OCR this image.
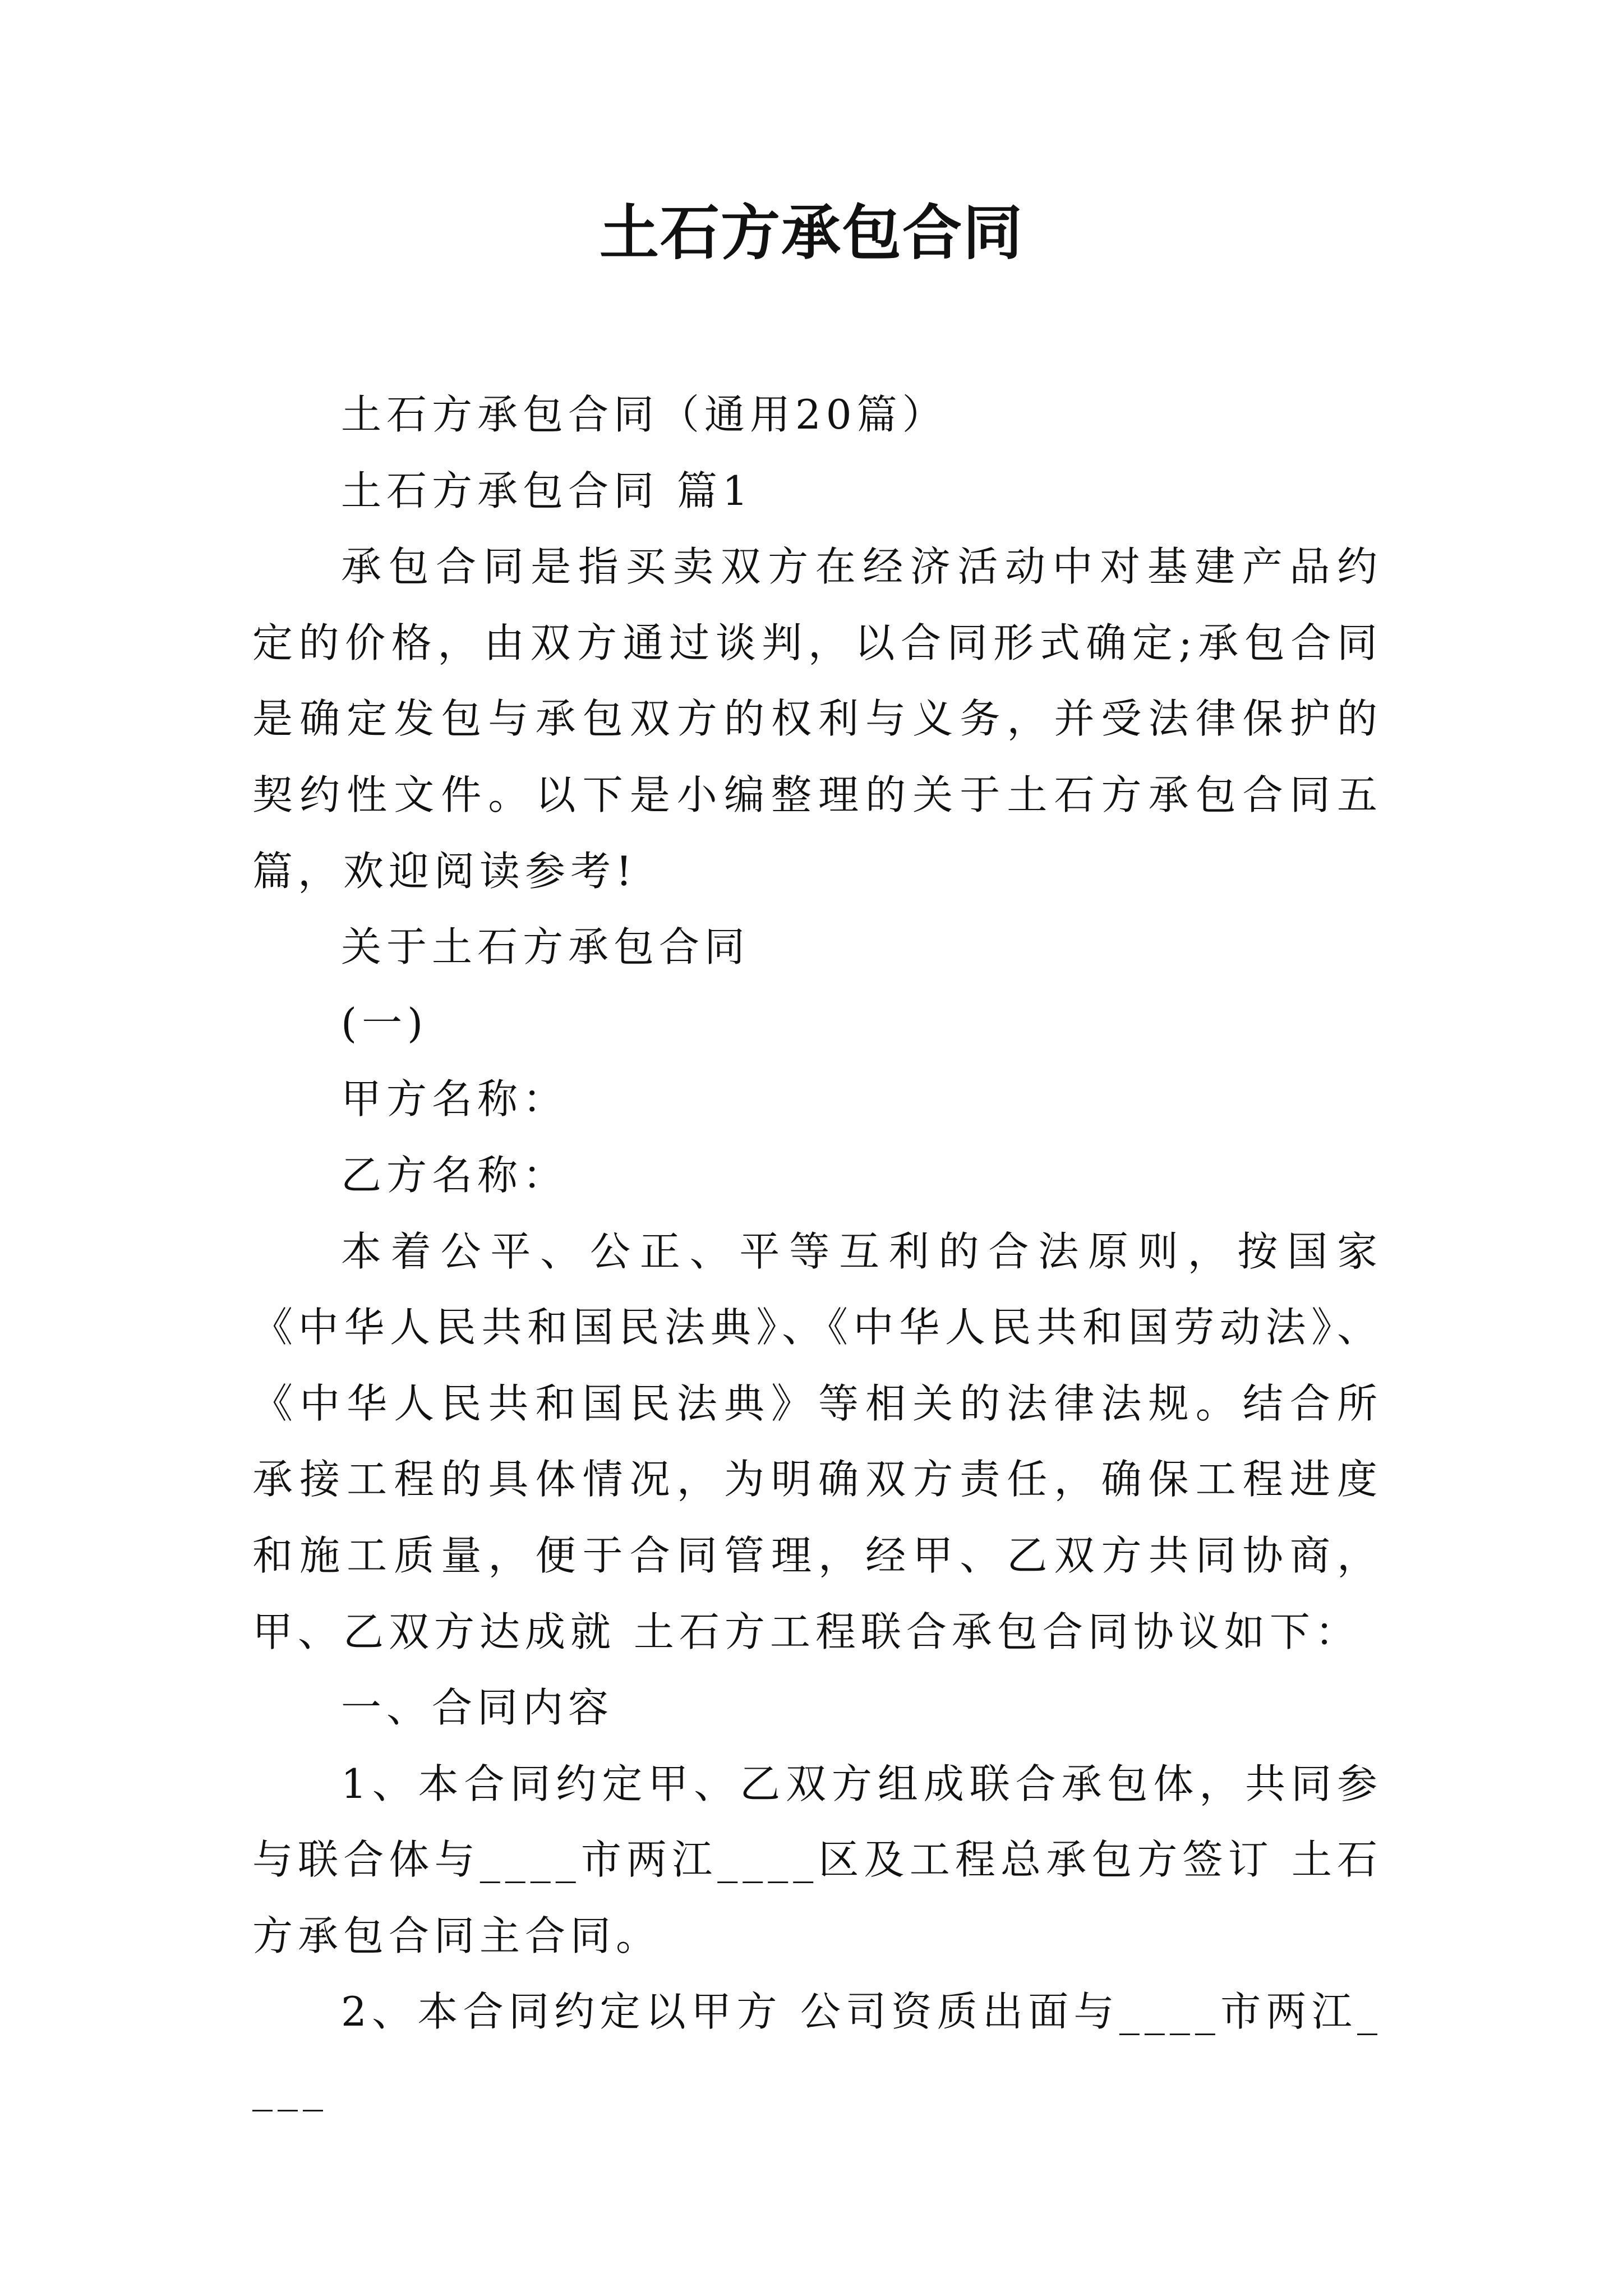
土石方承包合同

土石方承包合同（通用20篇）

土石方承包合同 篇1

承包合同是指买卖双方在经济活动中对基建产品约定的价格，由双方通过谈判，以合同形式确定;承包合同是确定发包与承包双方的权利与义务，并受法律保护的契约性文件。以下是小编整理的关于土石方承包合同五篇，欢迎阅读参考!

关于土石方承包合同

(一)

甲方名称：

乙方名称：

本着公平、公正、平等互利的合法原则，按国家《中华人民共和国民法典》、《中华人民共和国劳动法》、《中华人民共和国民法典》等相关的法律法规。结合所承接工程的具体情况，为明确双方责任，确保工程进度和施工质量，便于合同管理，经甲、乙双方共同协商，甲、乙双方达成就 土石方工程联合承包合同协议如下：

一、合同内容

1、本合同约定甲、乙双方组成联合承包体，共同参与联合体与____市两江____区及工程总承包方签订 土石方承包合同主合同。

2、本合同约定以甲方 公司资质出面与____市两江____
